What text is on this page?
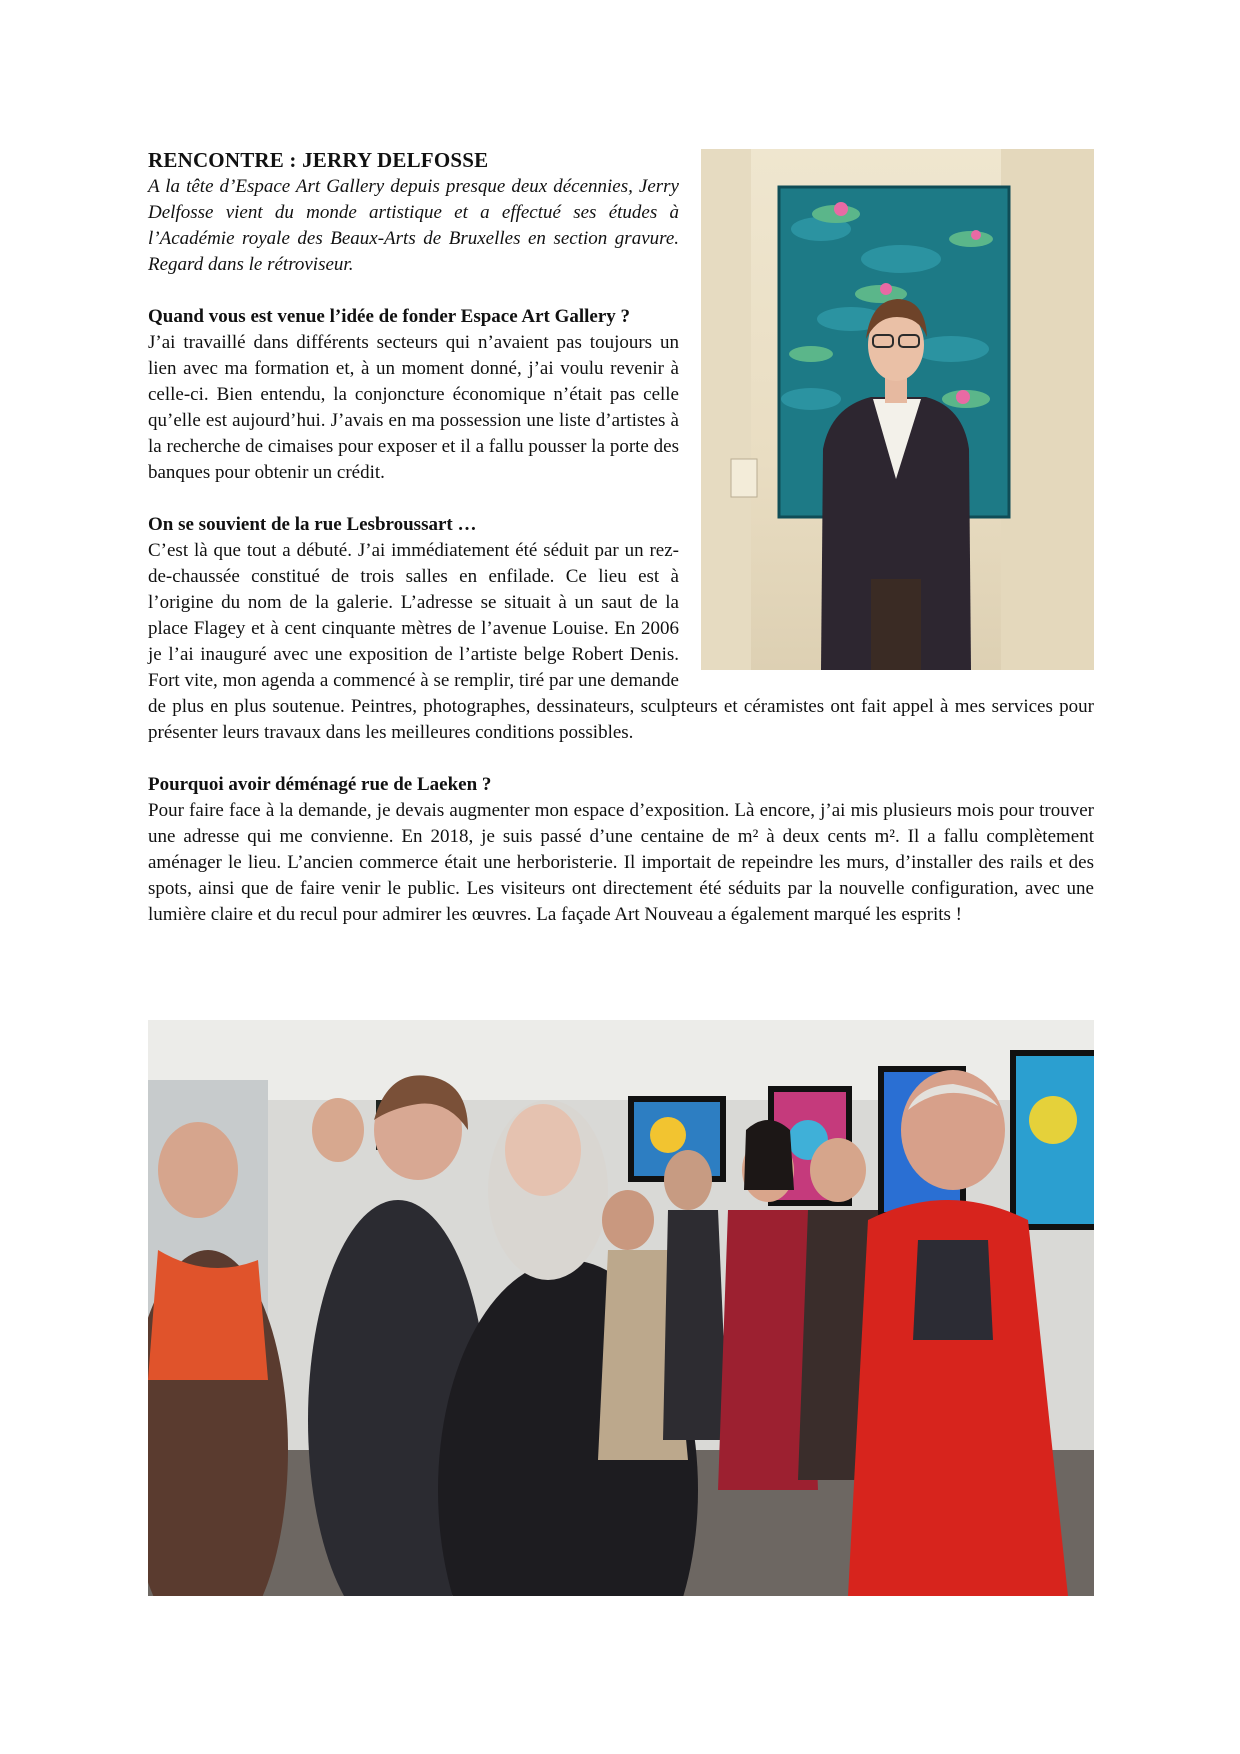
RENCONTRE : JERRY DELFOSSE

A la tête d’Espace Art Gallery depuis presque deux décennies, Jerry Delfosse vient du monde artistique et a effectué ses études à l’Académie royale des Beaux-Arts de Bruxelles en section gravure. Regard dans le rétroviseur.

Quand vous est venue l’idée de fonder Espace Art Gallery ?

J’ai travaillé dans différents secteurs qui n’avaient pas toujours un lien avec ma formation et, à un moment donné, j’ai voulu revenir à celle-ci. Bien entendu, la conjoncture économique n’était pas celle qu’elle est aujourd’hui. J’avais en ma possession une liste d’artistes à la recherche de cimaises pour exposer et il a fallu pousser la porte des banques pour obtenir un crédit.

On se souvient de la rue Lesbroussart …

C’est là que tout a débuté. J’ai immédiatement été séduit par un rez-de-chaussée constitué de trois salles en enfilade. Ce lieu est à l’origine du nom de la galerie. L’adresse se situait à un saut de la place Flagey et à cent cinquante mètres de l’avenue Louise. En 2006 je l’ai inauguré avec une exposition de l’artiste belge Robert Denis. Fort vite, mon agenda a commencé à se remplir, tiré par une demande de plus en plus soutenue. Peintres, photographes, dessinateurs, sculpteurs et céramistes ont fait appel à mes services pour présenter leurs travaux dans les meilleures conditions possibles.

Pourquoi avoir déménagé rue de Laeken ?

Pour faire face à la demande, je devais augmenter mon espace d’exposition. Là encore, j’ai mis plusieurs mois pour trouver une adresse qui me convienne. En 2018, je suis passé d’une centaine de m² à deux cents m². Il a fallu complètement aménager le lieu. L’ancien commerce était une herboristerie. Il importait de repeindre les murs, d’installer des rails et des spots, ainsi que de faire venir le public. Les visiteurs ont directement été séduits par la nouvelle configuration, avec une lumière claire et du recul pour admirer les œuvres. La façade Art Nouveau a également marqué les esprits !
